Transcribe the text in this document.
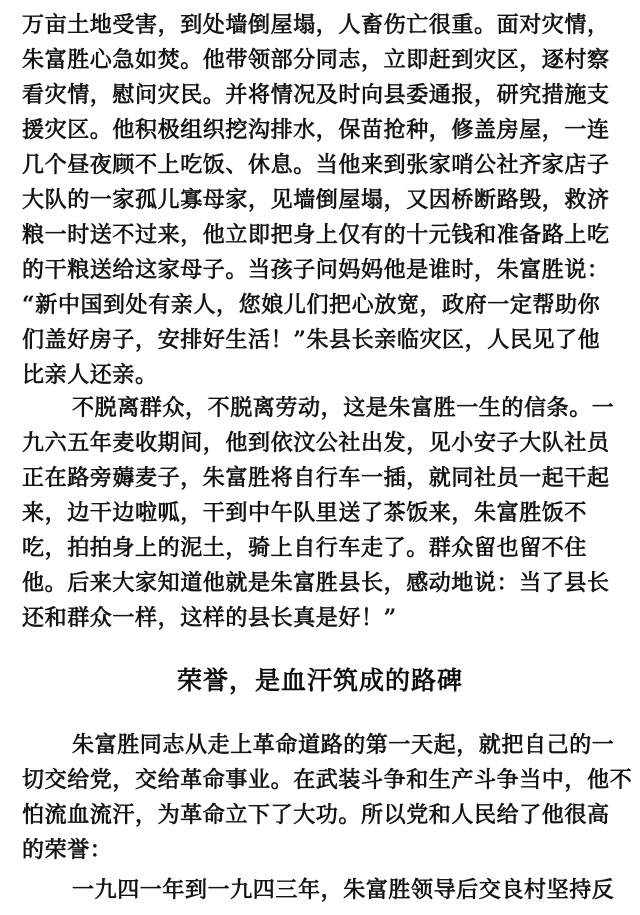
万亩土地受害，到处墙倒屋塌，人畜伤亡很重。面对灾情，
朱富胜心急如焚。他带领部分同志，立即赶到灾区，逐村察
看灾情，慰问灾民。并将情况及时向县委通报，研究措施支
援灾区。他积极组织挖沟排水，保苗抢种，修盖房屋，一连
几个昼夜顾不上吃饭、休息。当他来到张家哨公社齐家店子
大队的一家孤儿寡母家，见墙倒屋塌，又因桥断路毁，救济
粮一时送不过来，他立即把身上仅有的十元钱和准备路上吃
的干粮送给这家母子。当孩子问妈妈他是谁时，朱富胜说：
“新中国到处有亲人，您娘儿们把心放宽，政府一定帮助你
们盖好房子，安排好生活！”朱县长亲临灾区，人民见了他
比亲人还亲。
不脱离群众，不脱离劳动，这是朱富胜一生的信条。一
九六五年麦收期间，他到依汶公社出发，见小安子大队社员
正在路旁薅麦子，朱富胜将自行车一插，就同社员一起干起
来，边干边啦呱，干到中午队里送了茶饭来，朱富胜饭不
吃，拍拍身上的泥土，骑上自行车走了。群众留也留不住
他。后来大家知道他就是朱富胜县长，感动地说：当了县长
还和群众一样，这样的县长真是好！”
荣誉，是血汗筑成的路碑
朱富胜同志从走上革命道路的第一天起，就把自己的一
切交给党，交给革命事业。在武装斗争和生产斗争当中，他不
怕流血流汗，为革命立下了大功。所以党和人民给了他很高
的荣誉：
一九四一年到一九四三年，朱富胜领导后交良村坚持反
